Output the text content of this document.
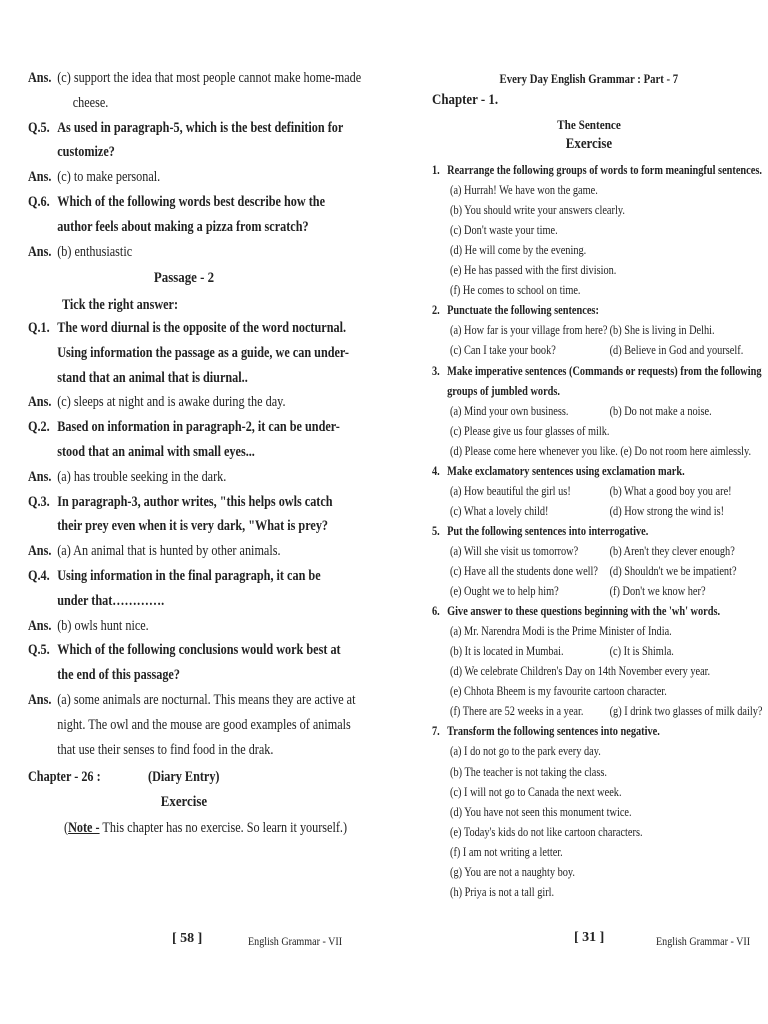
Ans. (c) support the idea that most people cannot make home-made
cheese.
Q.5. As used in paragraph-5, which is the best definition for
customize?
Ans. (c) to make personal.
Q.6. Which of the following words best describe how the
author feels about making a pizza from scratch?
Ans. (b) enthusiastic
Passage - 2
Tick the right answer:
Q.1. The word diurnal is the opposite of the word nocturnal.
Using information the passage as a guide, we can under-
stand that an animal that is diurnal..
Ans. (c) sleeps at night and is awake during the day.
Q.2. Based on information in paragraph-2, it can be under-
stood that an animal with small eyes...
Ans. (a) has trouble seeking in the dark.
Q.3. In paragraph-3, author writes, "this helps owls catch
their prey even when it is very dark, "What is prey?
Ans. (a) An animal that is hunted by other animals.
Q.4. Using information in the final paragraph, it can be
under that………….
Ans. (b) owls hunt nice.
Q.5. Which of the following conclusions would work best at
the end of this passage?
Ans. (a) some animals are nocturnal. This means they are active at
night. The owl and the mouse are good examples of animals
that use their senses to find food in the drak.
Chapter - 26 :	(Diary Entry)
Exercise
(Note - This chapter has no exercise. So learn it yourself.)
[ 58 ]	English Grammar - VII
Every Day English Grammar : Part - 7
Chapter - 1.
The Sentence
Exercise
1. Rearrange the following groups of words to form meaningful sentences.
(a) Hurrah! We have won the game.
(b) You should write your answers clearly.
(c) Don't waste your time.
(d) He will come by the evening.
(e) He has passed with the first division.
(f) He comes to school on time.
2. Punctuate the following sentences:
(a) How far is your village from here? (b) She is living in Delhi.
(c) Can I take your book?	(d) Believe in God and yourself.
3. Make imperative sentences (Commands or requests) from the following
groups of jumbled words.
(a) Mind your own business.	(b) Do not make a noise.
(c) Please give us four glasses of milk.
(d) Please come here whenever you like. (e) Do not room here aimlessly.
4. Make exclamatory sentences using exclamation mark.
(a) How beautiful the girl us!	(b) What a good boy you are!
(c) What a lovely child!	(d) How strong the wind is!
5. Put the following sentences into interrogative.
(a) Will she visit us tomorrow?	(b) Aren't they clever enough?
(c) Have all the students done well? (d) Shouldn't we be impatient?
(e) Ought we to help him?	(f) Don't we know her?
6. Give answer to these questions beginning with the 'wh' words.
(a) Mr. Narendra Modi is the Prime Minister of India.
(b) It is located in Mumbai.	(c) It is Shimla.
(d) We celebrate Children's Day on 14th November every year.
(e) Chhota Bheem is my favourite cartoon character.
(f) There are 52 weeks in a year. (g) I drink two glasses of milk daily?
7. Transform the following sentences into negative.
(a) I do not go to the park every day.
(b) The teacher is not taking the class.
(c) I will not go to Canada the next week.
(d) You have not seen this monument twice.
(e) Today's kids do not like cartoon characters.
(f) I am not writing a letter.
(g) You are not a naughty boy.
(h) Priya is not a tall girl.
[ 31 ]	English Grammar - VII
